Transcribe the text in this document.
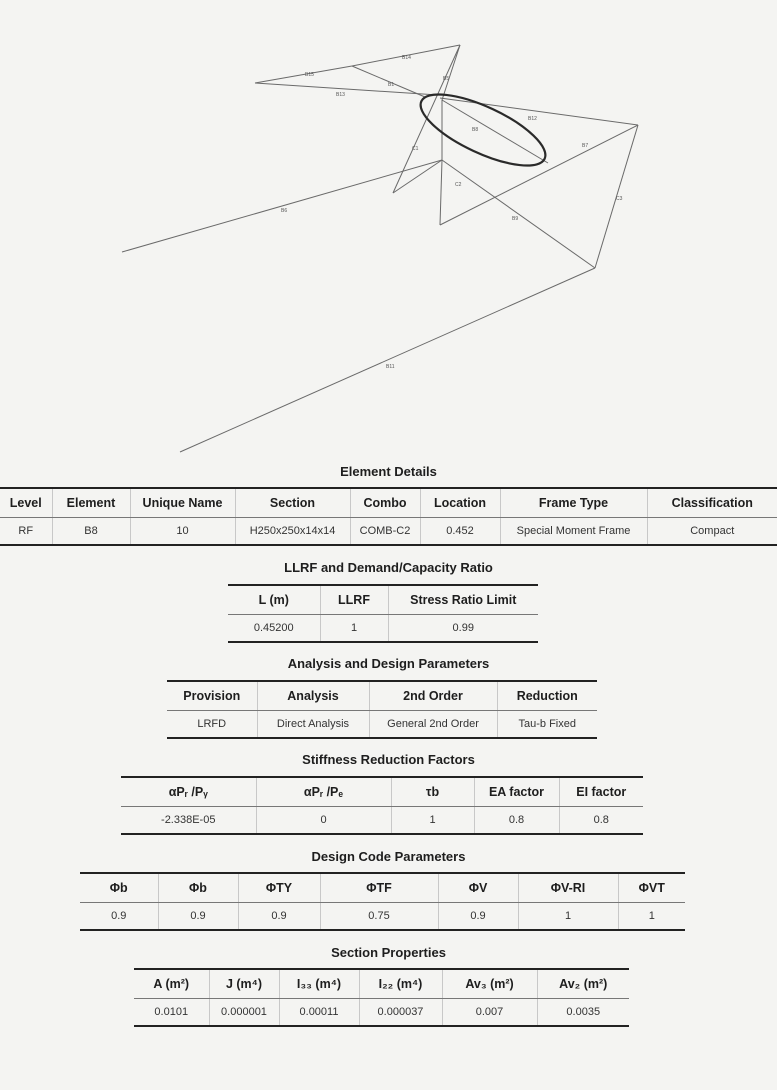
B15
B14
B13
B1
B12
B5
B8
B7
C1
C2
B6
C3
B9
B11
Element Details
Level	Element	Unique Name	Section	Combo	Location	Frame Type	Classification
RF	B8	10	H250x250x14x14	COMB-C2	0.452	Special Moment Frame	Compact
LLRF and Demand/Capacity Ratio
L (m)	LLRF	Stress Ratio Limit
0.45200	1	0.99
Analysis and Design Parameters
Provision	Analysis	2nd Order	Reduction
LRFD	Direct Analysis	General 2nd Order	Tau-b Fixed
Stiffness Reduction Factors
αPᵣ /Pᵧ	αPᵣ /Pₑ	τb	EA factor	EI factor
-2.338E-05	0	1	0.8	0.8
Design Code Parameters
Φb	Φb	ΦTY	ΦTF	ΦV	ΦV-RI	ΦVT
0.9	0.9	0.9	0.75	0.9	1	1
Section Properties
A (m²)	J (m⁴)	I₃₃ (m⁴)	I₂₂ (m⁴)	Av₃ (m²)	Av₂ (m²)
0.0101	0.000001	0.00011	0.000037	0.007	0.0035
